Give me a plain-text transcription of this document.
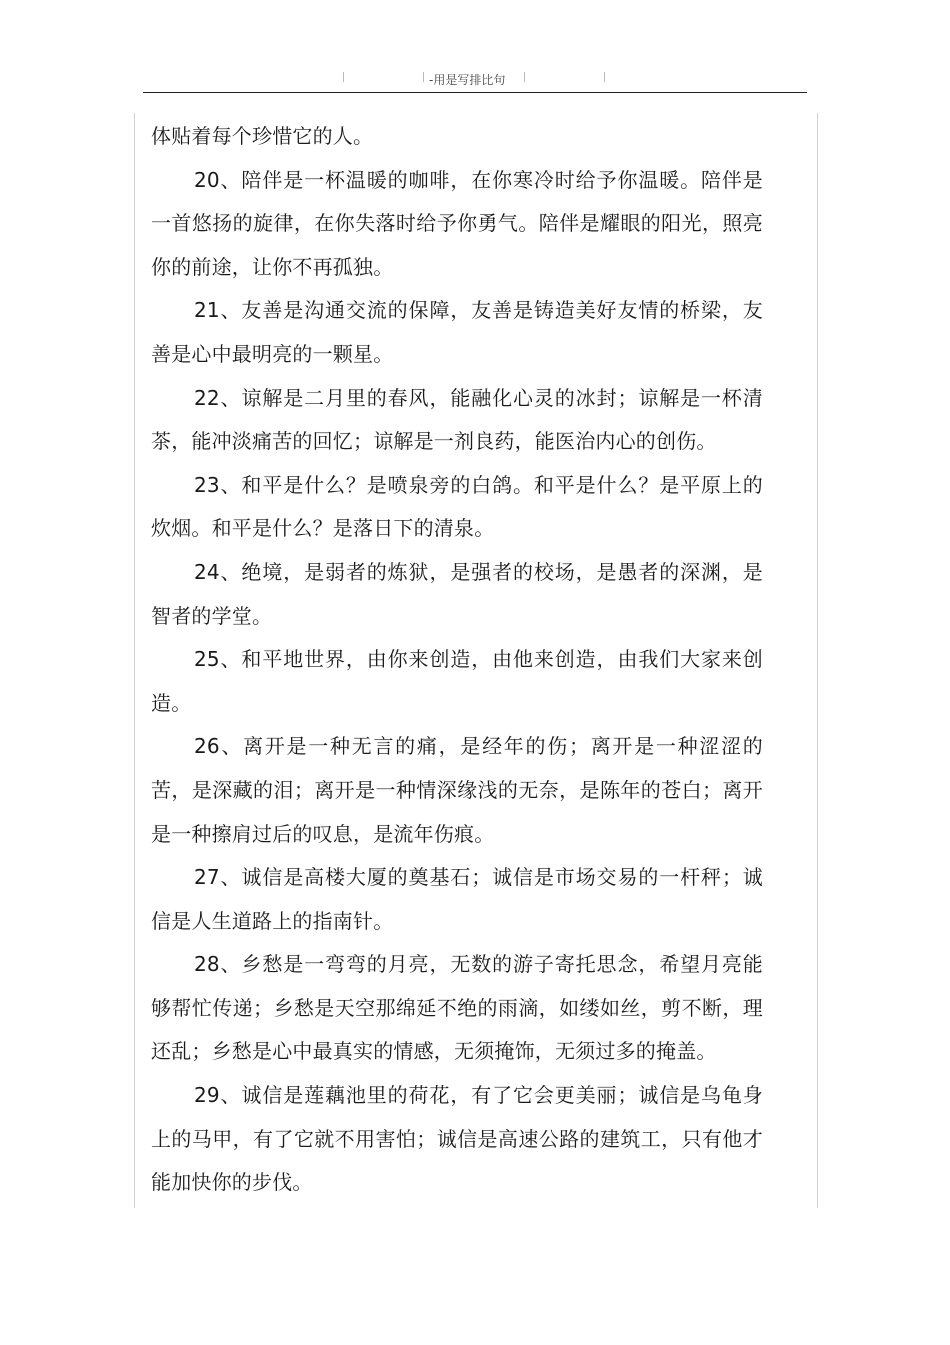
-用是写排比句

体贴着每个珍惜它的人。

20、陪伴是一杯温暖的咖啡，在你寒冷时给予你温暖。陪伴是一首悠扬的旋律，在你失落时给予你勇气。陪伴是耀眼的阳光，照亮你的前途，让你不再孤独。

21、友善是沟通交流的保障，友善是铸造美好友情的桥梁，友善是心中最明亮的一颗星。

22、谅解是二月里的春风，能融化心灵的冰封；谅解是一杯清茶，能冲淡痛苦的回忆；谅解是一剂良药，能医治内心的创伤。

23、和平是什么？是喷泉旁的白鸽。和平是什么？是平原上的炊烟。和平是什么？是落日下的清泉。

24、绝境，是弱者的炼狱，是强者的校场，是愚者的深渊，是智者的学堂。

25、和平地世界，由你来创造，由他来创造，由我们大家来创造。

26、离开是一种无言的痛，是经年的伤；离开是一种涩涩的苦，是深藏的泪；离开是一种情深缘浅的无奈，是陈年的苍白；离开是一种擦肩过后的叹息，是流年伤痕。

27、诚信是高楼大厦的奠基石；诚信是市场交易的一杆秤；诚信是人生道路上的指南针。

28、乡愁是一弯弯的月亮，无数的游子寄托思念，希望月亮能够帮忙传递；乡愁是天空那绵延不绝的雨滴，如缕如丝，剪不断，理还乱；乡愁是心中最真实的情感，无须掩饰，无须过多的掩盖。

29、诚信是莲藕池里的荷花，有了它会更美丽；诚信是乌龟身上的马甲，有了它就不用害怕；诚信是高速公路的建筑工，只有他才能加快你的步伐。
